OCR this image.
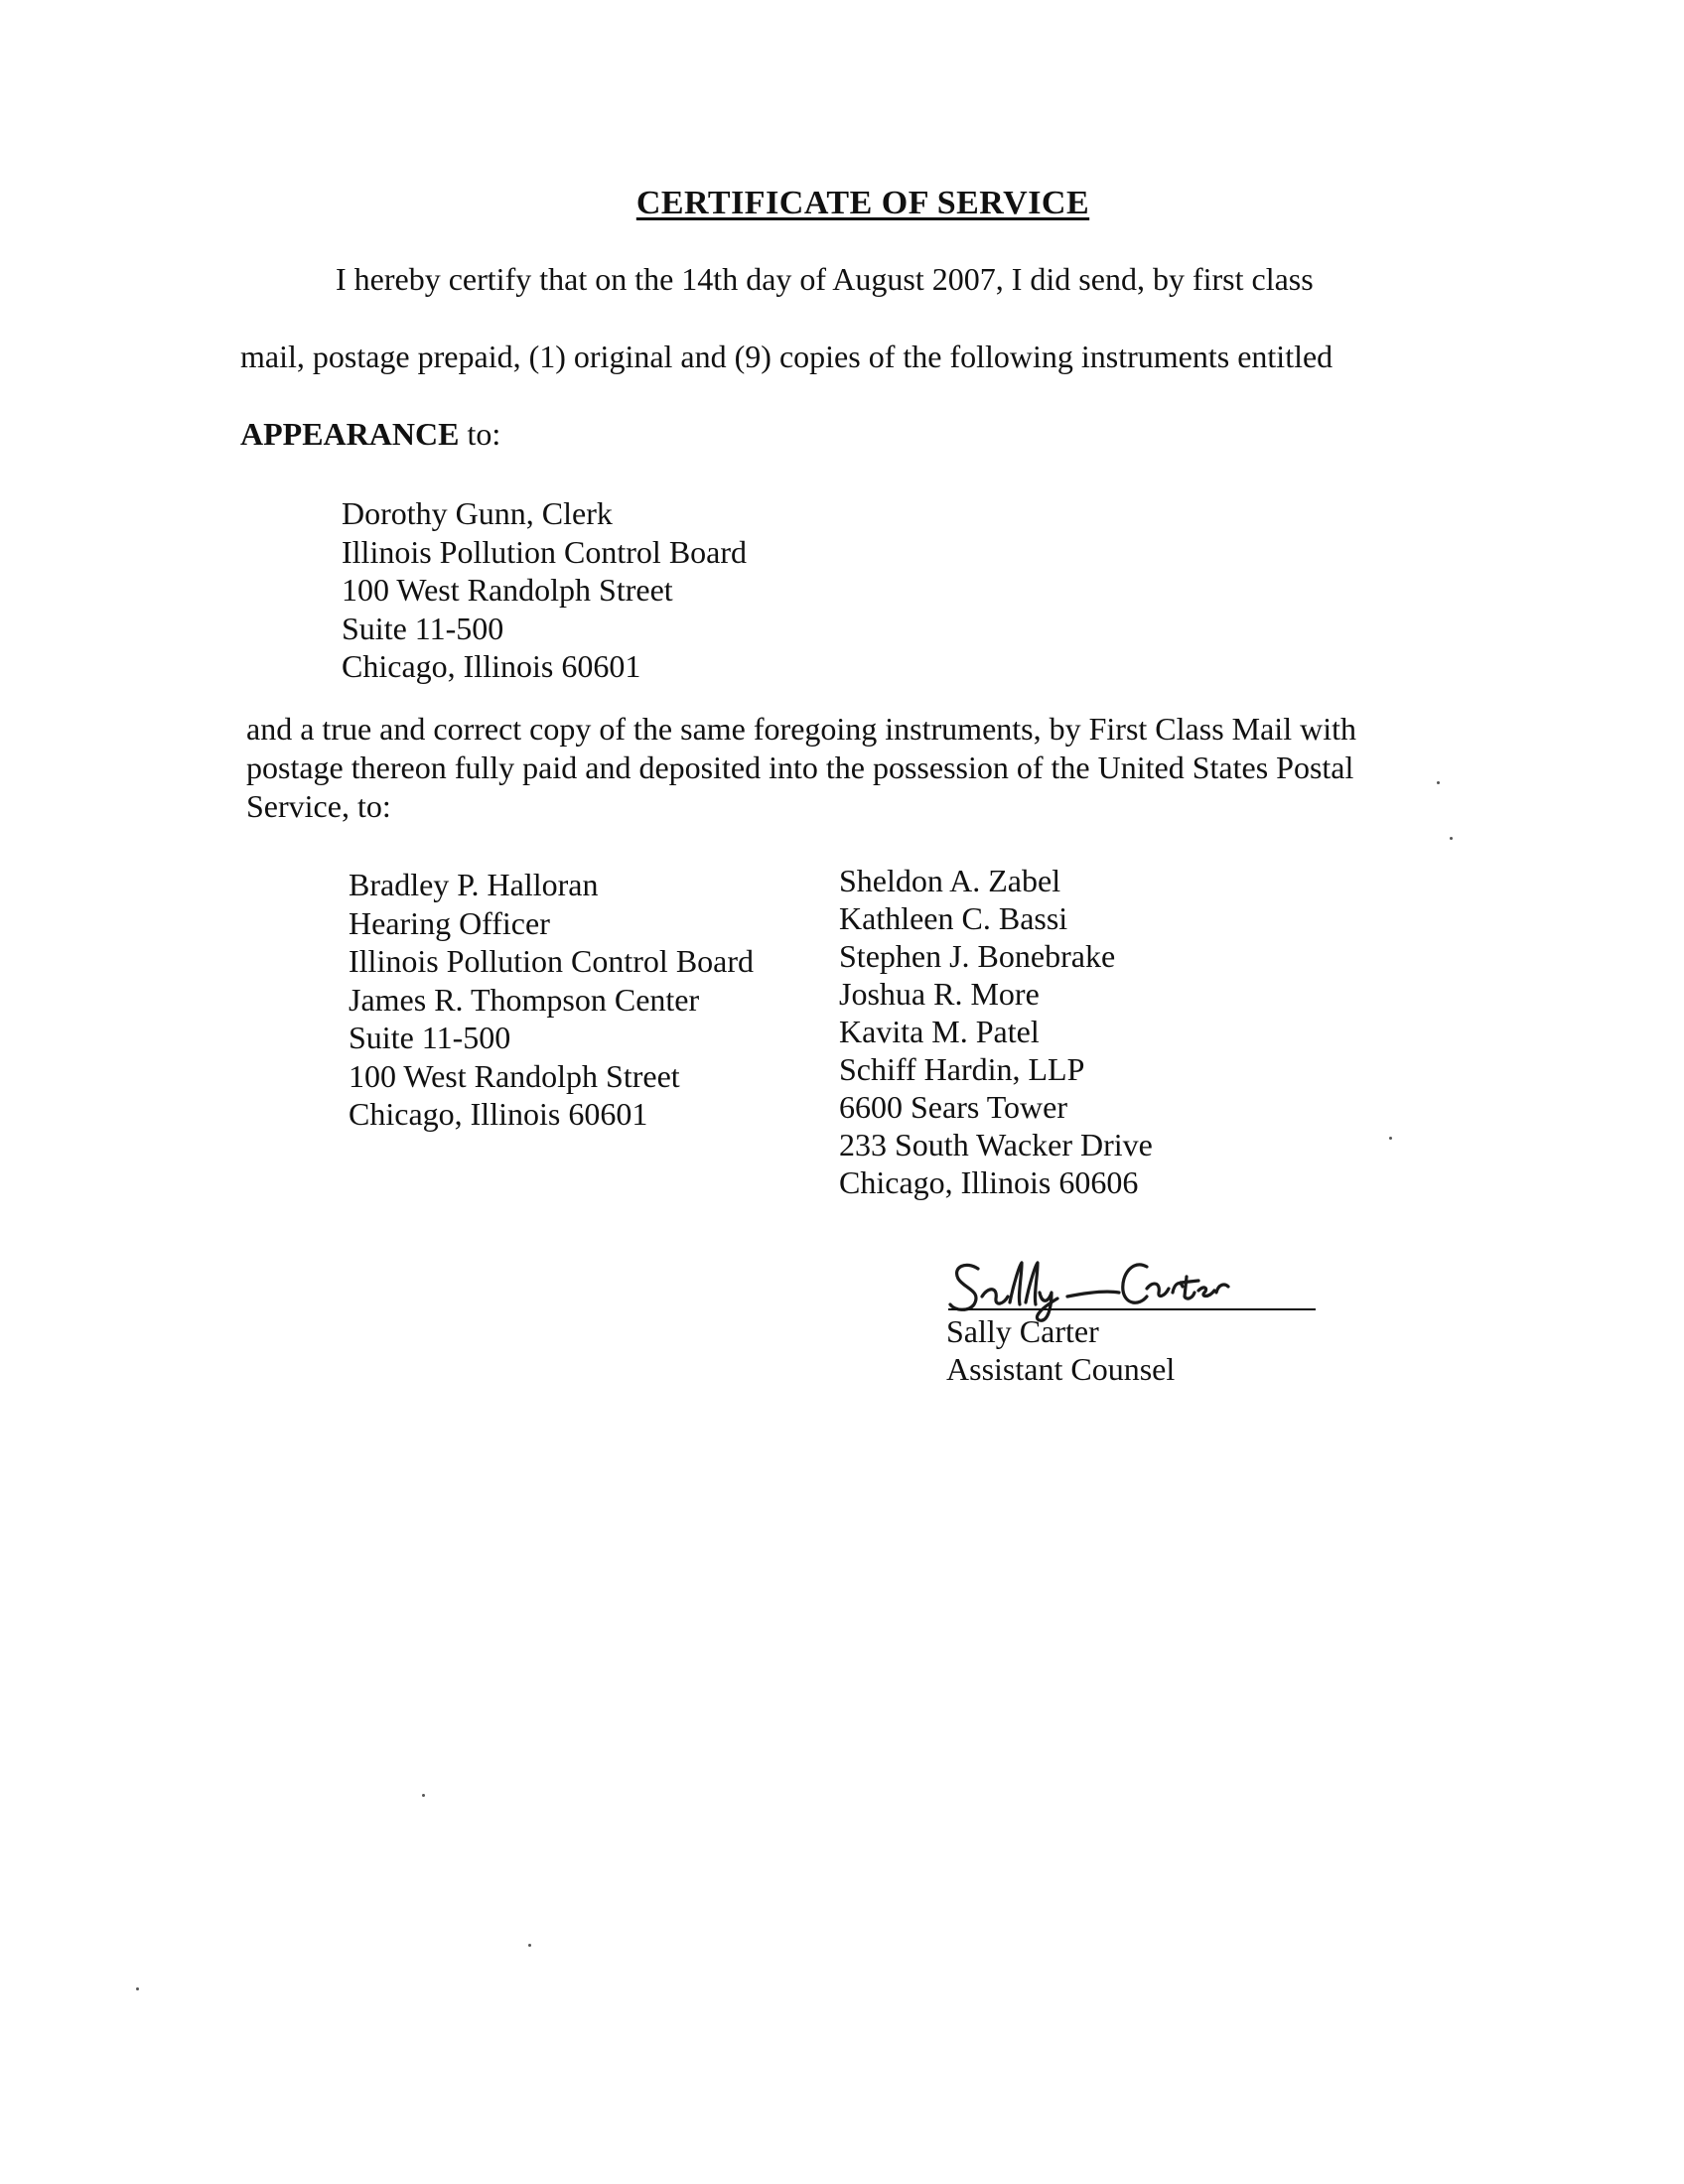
CERTIFICATE OF SERVICE
I hereby certify that on the 14th day of August 2007, I did send, by first class
mail, postage prepaid, (1) original and (9) copies of the following instruments entitled
APPEARANCE to:
Dorothy Gunn, Clerk
Illinois Pollution Control Board
100 West Randolph Street
Suite 11-500
Chicago, Illinois 60601
and a true and correct copy of the same foregoing instruments, by First Class Mail with
postage thereon fully paid and deposited into the possession of the United States Postal
Service, to:
Bradley P. Halloran
Hearing Officer
Illinois Pollution Control Board
James R. Thompson Center
Suite 11-500
100 West Randolph Street
Chicago, Illinois 60601
Sheldon A. Zabel
Kathleen C. Bassi
Stephen J. Bonebrake
Joshua R. More
Kavita M. Patel
Schiff Hardin, LLP
6600 Sears Tower
233 South Wacker Drive
Chicago, Illinois 60606
Sally Carter
Assistant Counsel
